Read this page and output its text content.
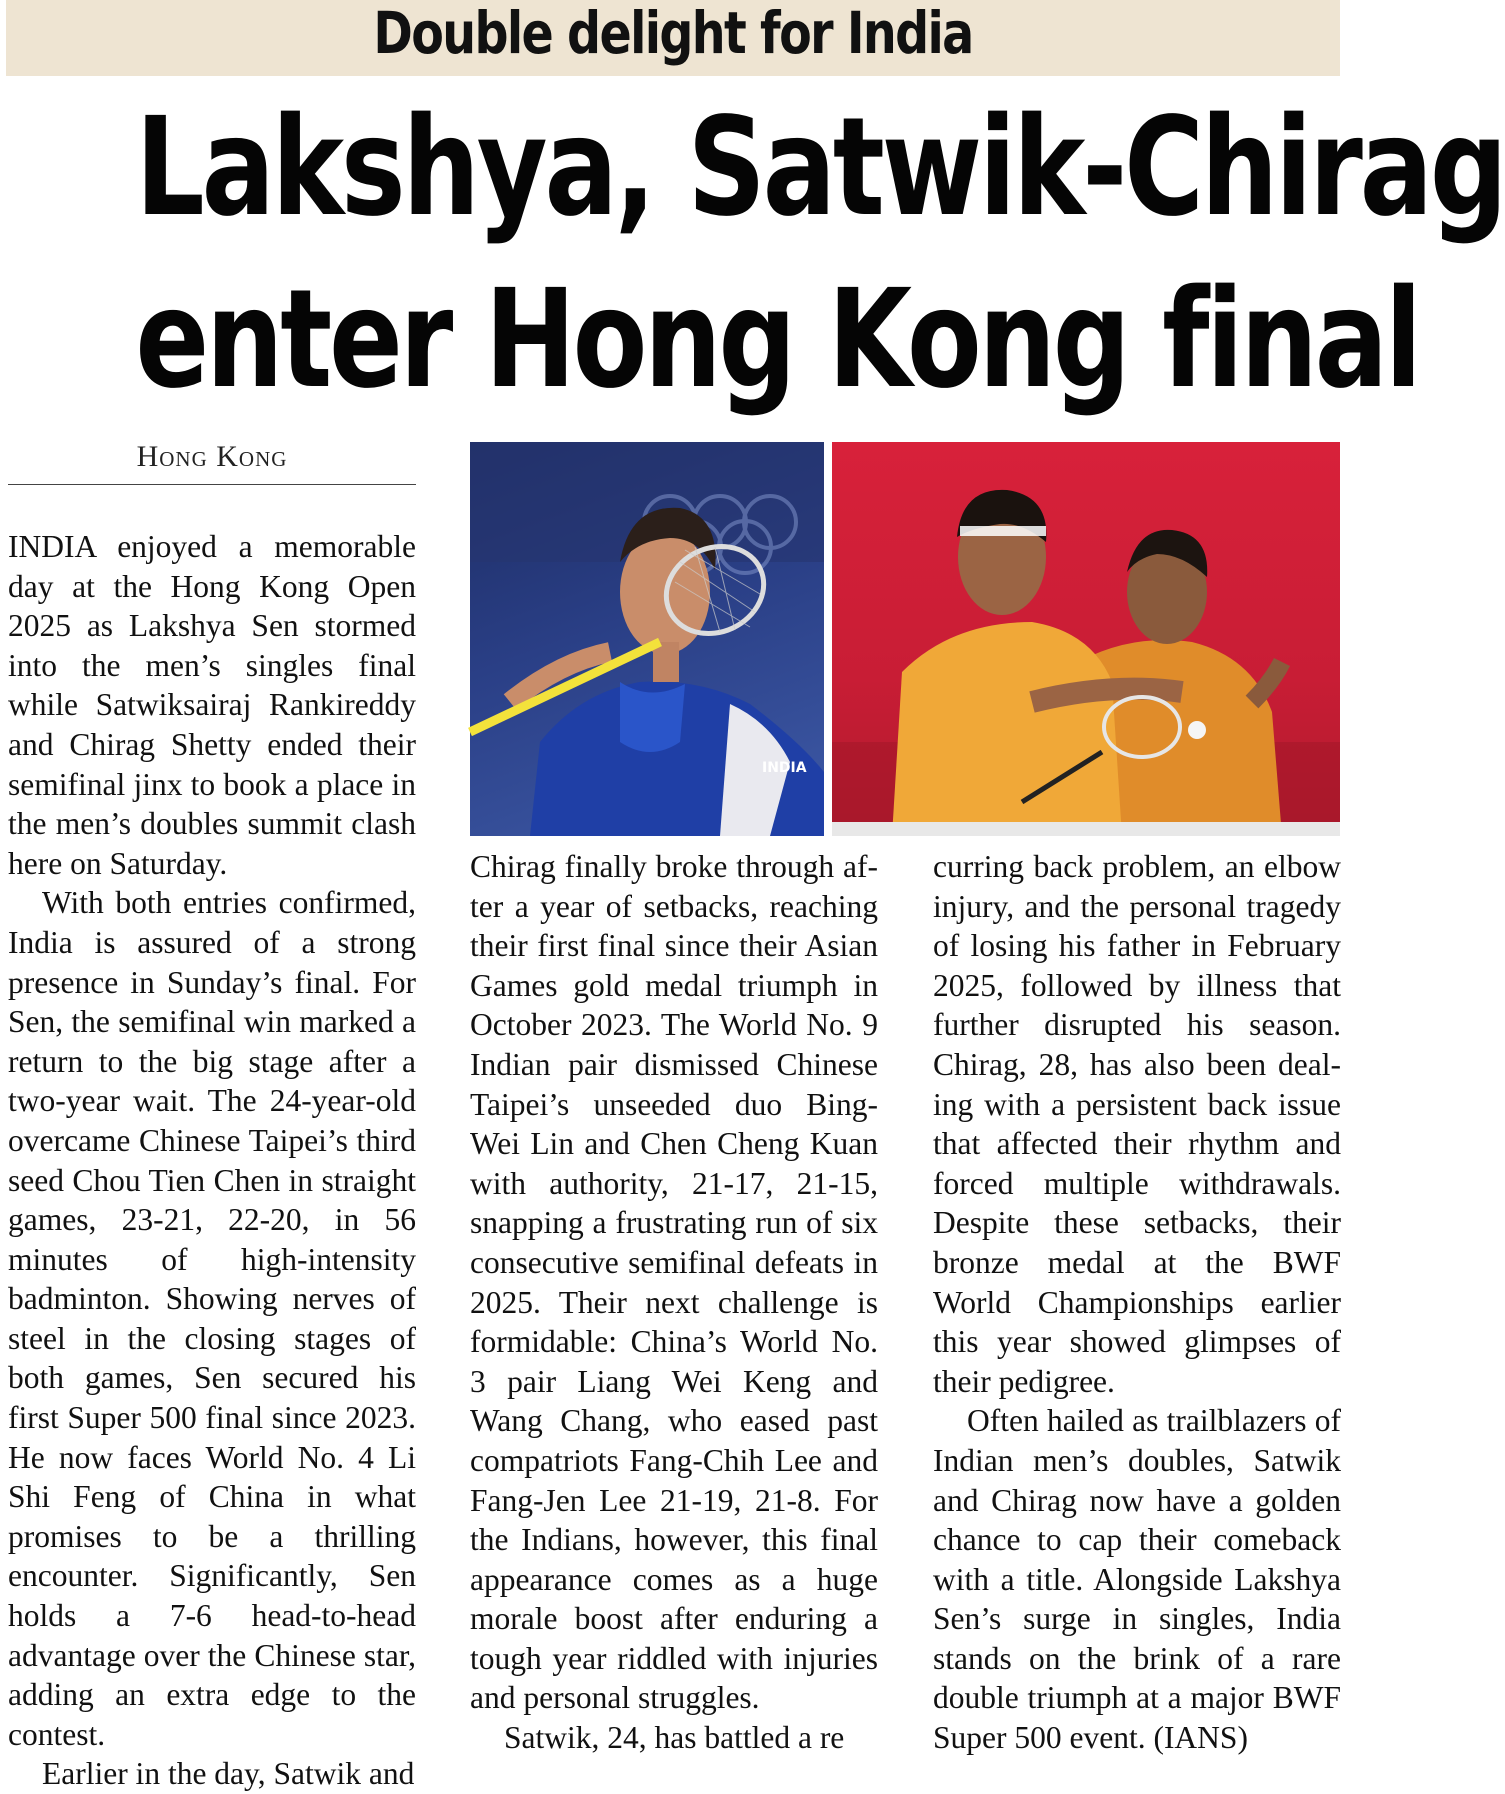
Double delight for India
Lakshya, Satwik-Chirag
enter Hong Kong final
Hong Kong

INDIA enjoyed a memorable day at the Hong Kong Open 2025 as Lakshya Sen stormed into the men’s singles final while Satwiksairaj Rankireddy and Chirag Shetty ended their semifinal jinx to book a place in the men’s doubles summit clash here on Saturday.

With both entries confirmed, India is assured of a strong presence in Sunday’s final. For Sen, the semifinal win marked a return to the big stage after a two-year wait. The 24-year-old overcame Chinese Taipei’s third seed Chou Tien Chen in straight games, 23-21, 22-20, in 56 minutes of high-intensity badminton. Showing nerves of steel in the closing stages of both games, Sen secured his first Super 500 final since 2023. He now faces World No. 4 Li Shi Feng of China in what promises to be a thrilling encounter. Significantly, Sen holds a 7-6 head-to-head advantage over the Chinese star, adding an extra edge to the contest.

Earlier in the day, Satwik and

INDIA

Chirag finally broke through after a year of setbacks, reaching their first final since their Asian Games gold medal triumph in October 2023. The World No. 9 Indian pair dismissed Chinese Taipei’s unseeded duo Bing-Wei Lin and Chen Cheng Kuan with authority, 21-17, 21-15, snapping a frustrating run of six consecutive semifinal defeats in 2025. Their next challenge is formidable: China’s World No. 3 pair Liang Wei Keng and Wang Chang, who eased past compatriots Fang-Chih Lee and Fang-Jen Lee 21-19, 21-8. For the Indians, however, this final appearance comes as a huge morale boost after enduring a tough year riddled with injuries and personal struggles.

Satwik, 24, has battled a re

curring back problem, an elbow injury, and the personal tragedy of losing his father in February 2025, followed by illness that further disrupted his season. Chirag, 28, has also been dealing with a persistent back issue that affected their rhythm and forced multiple withdrawals. Despite these setbacks, their bronze medal at the BWF World Championships earlier this year showed glimpses of their pedigree.

Often hailed as trailblazers of Indian men’s doubles, Satwik and Chirag now have a golden chance to cap their comeback with a title. Alongside Lakshya Sen’s surge in singles, India stands on the brink of a rare double triumph at a major BWF Super 500 event. (IANS)
